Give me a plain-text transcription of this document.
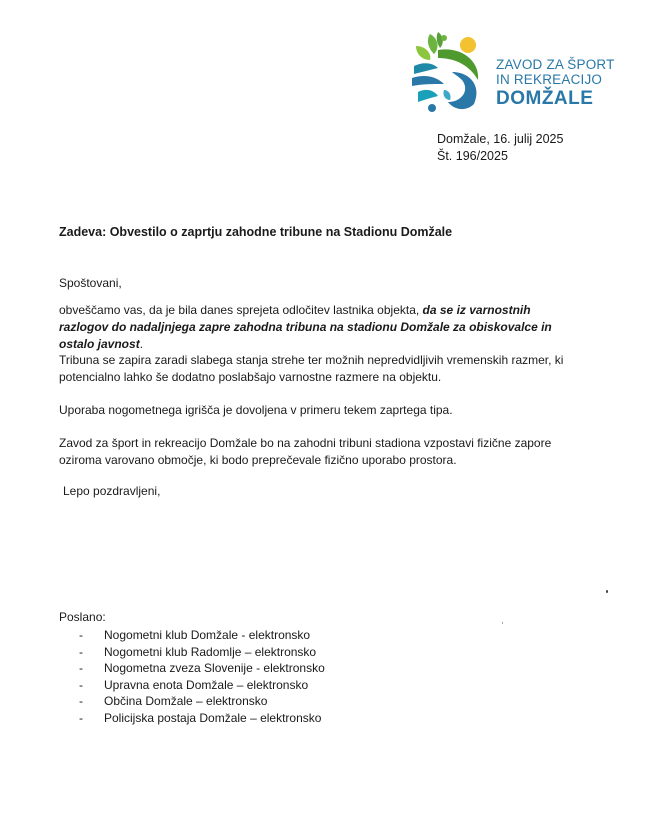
ZAVOD ZA ŠPORT
IN REKREACIJO
DOMŽALE
Domžale, 16. julij 2025
Št. 196/2025
Zadeva: Obvestilo o zaprtju zahodne tribune na Stadionu Domžale
Spoštovani,

obveščamo vas, da je bila danes sprejeta odločitev lastnika objekta, da se iz varnostnih razlogov do nadaljnjega zapre zahodna tribuna na stadionu Domžale za obiskovalce in ostalo javnost.

Tribuna se zapira zaradi slabega stanja strehe ter možnih nepredvidljivih vremenskih razmer, ki potencialno lahko še dodatno poslabšajo varnostne razmere na objektu.

Uporaba nogometnega igrišča je dovoljena v primeru tekem zaprtega tipa.

Zavod za šport in rekreacijo Domžale bo na zahodni tribuni stadiona vzpostavi fizične zapore oziroma varovano območje, ki bodo preprečevale fizično uporabo prostora.

Lepo pozdravljeni,
Poslano:
- Nogometni klub Domžale - elektronsko
- Nogometni klub Radomlje – elektronsko
- Nogometna zveza Slovenije - elektronsko
- Upravna enota Domžale – elektronsko
- Občina Domžale – elektronsko
- Policijska postaja Domžale – elektronsko
